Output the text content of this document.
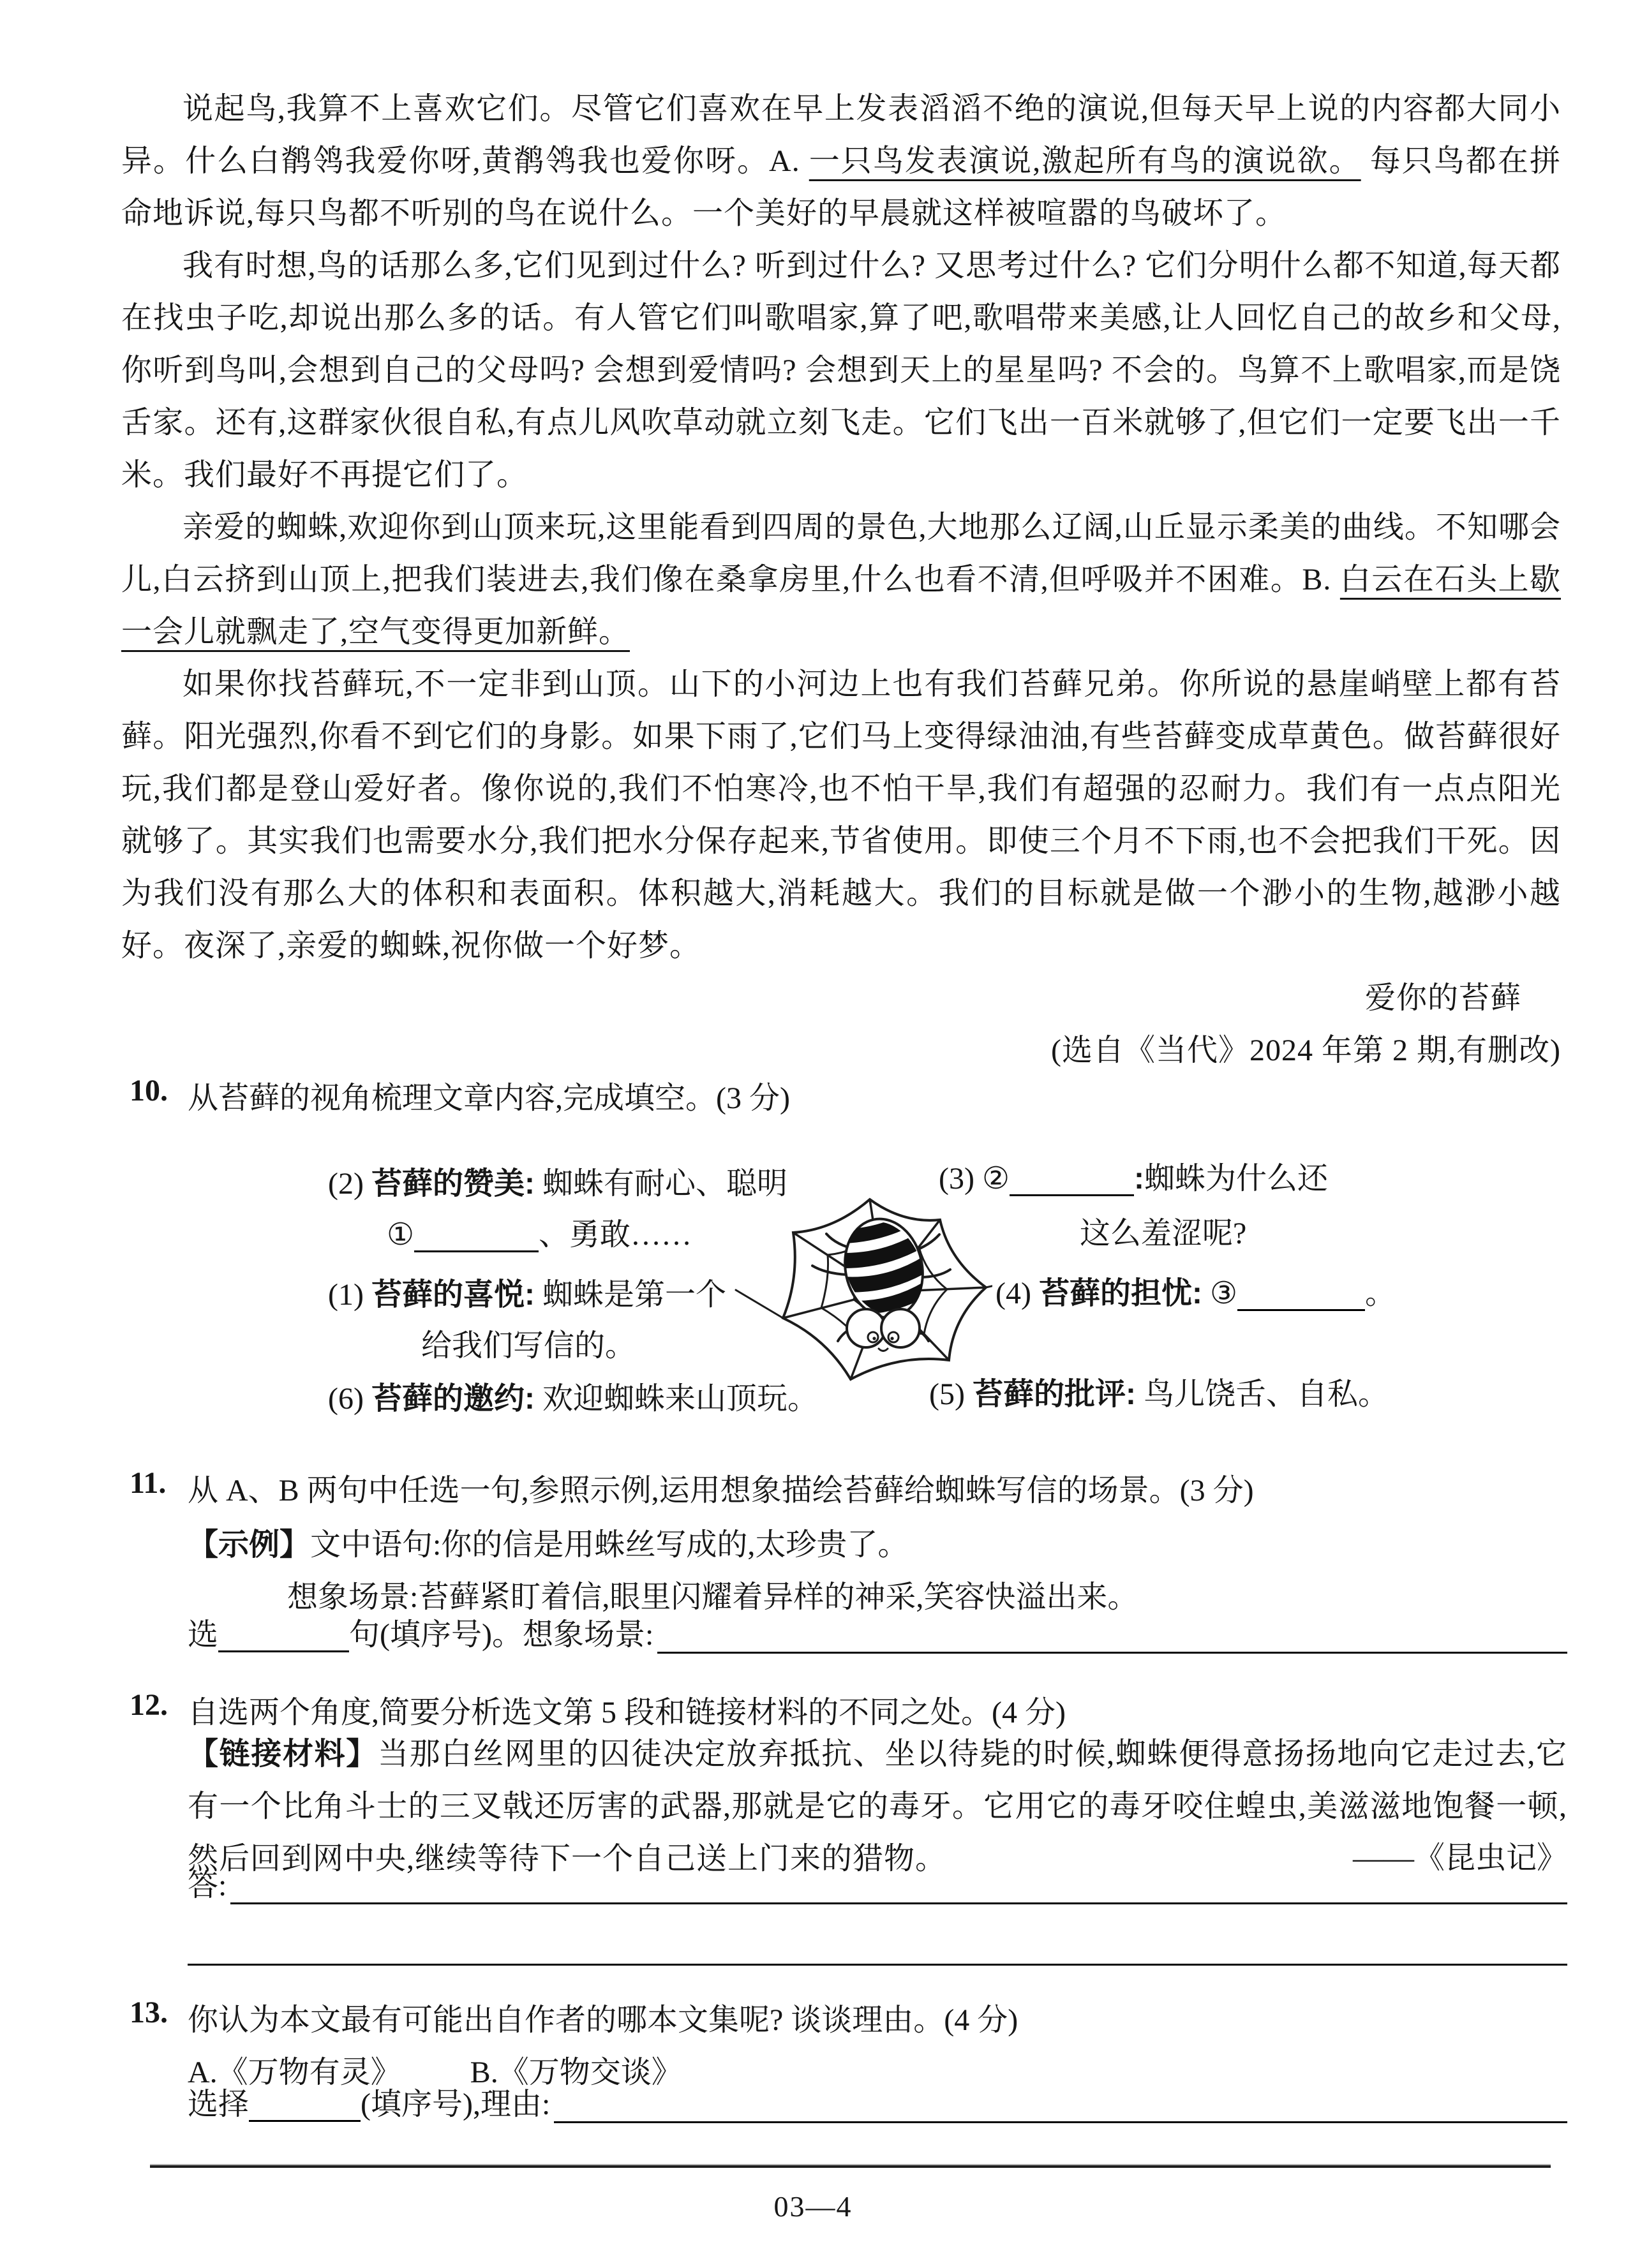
说起鸟,我算不上喜欢它们。尽管它们喜欢在早上发表滔滔不绝的演说,但每天早上说的内容都大同小异。什么白鹡鸰我爱你呀,黄鹡鸰我也爱你呀。A. 一只鸟发表演说,激起所有鸟的演说欲。 每只鸟都在拼命地诉说,每只鸟都不听别的鸟在说什么。一个美好的早晨就这样被喧嚣的鸟破坏了。

我有时想,鸟的话那么多,它们见到过什么? 听到过什么? 又思考过什么? 它们分明什么都不知道,每天都在找虫子吃,却说出那么多的话。有人管它们叫歌唱家,算了吧,歌唱带来美感,让人回忆自己的故乡和父母,你听到鸟叫,会想到自己的父母吗? 会想到爱情吗? 会想到天上的星星吗? 不会的。鸟算不上歌唱家,而是饶舌家。还有,这群家伙很自私,有点儿风吹草动就立刻飞走。它们飞出一百米就够了,但它们一定要飞出一千米。我们最好不再提它们了。

亲爱的蜘蛛,欢迎你到山顶来玩,这里能看到四周的景色,大地那么辽阔,山丘显示柔美的曲线。不知哪会儿,白云挤到山顶上,把我们装进去,我们像在桑拿房里,什么也看不清,但呼吸并不困难。B. 白云在石头上歇一会儿就飘走了,空气变得更加新鲜。

如果你找苔藓玩,不一定非到山顶。山下的小河边上也有我们苔藓兄弟。你所说的悬崖峭壁上都有苔藓。阳光强烈,你看不到它们的身影。如果下雨了,它们马上变得绿油油,有些苔藓变成草黄色。做苔藓很好玩,我们都是登山爱好者。像你说的,我们不怕寒冷,也不怕干旱,我们有超强的忍耐力。我们有一点点阳光就够了。其实我们也需要水分,我们把水分保存起来,节省使用。即使三个月不下雨,也不会把我们干死。因为我们没有那么大的体积和表面积。体积越大,消耗越大。我们的目标就是做一个渺小的生物,越渺小越好。夜深了,亲爱的蜘蛛,祝你做一个好梦。

爱你的苔藓

(选自《当代》2024 年第 2 期,有删改)

10. 从苔藓的视角梳理文章内容,完成填空。(3 分)
(2) 苔藓的赞美: 蜘蛛有耐心、聪明
①	、勇敢……
(1) 苔藓的喜悦: 蜘蛛是第一个
给我们写信的。
(6) 苔藓的邀约: 欢迎蜘蛛来山顶玩。
(3) ②	:蜘蛛为什么还
这么羞涩呢?
(4) 苔藓的担忧: ③	。
(5) 苔藓的批评: 鸟儿饶舌、自私。
11. 从 A、B 两句中任选一句,参照示例,运用想象描绘苔藓给蜘蛛写信的场景。(3 分)
【示例】文中语句:你的信是用蛛丝写成的,太珍贵了。
想象场景:苔藓紧盯着信,眼里闪耀着异样的神采,笑容快溢出来。
选	句(填序号)。想象场景:
12. 自选两个角度,简要分析选文第 5 段和链接材料的不同之处。(4 分)
【链接材料】当那白丝网里的囚徒决定放弃抵抗、坐以待毙的时候,蜘蛛便得意扬扬地向它走过去,它有一个比角斗士的三叉戟还厉害的武器,那就是它的毒牙。它用它的毒牙咬住蝗虫,美滋滋地饱餐一顿,然后回到网中央,继续等待下一个自己送上门来的猎物。	——《昆虫记》
答:
13. 你认为本文最有可能出自作者的哪本文集呢? 谈谈理由。(4 分)
A.《万物有灵》 B.《万物交谈》
选择	(填序号),理由:
03—4
